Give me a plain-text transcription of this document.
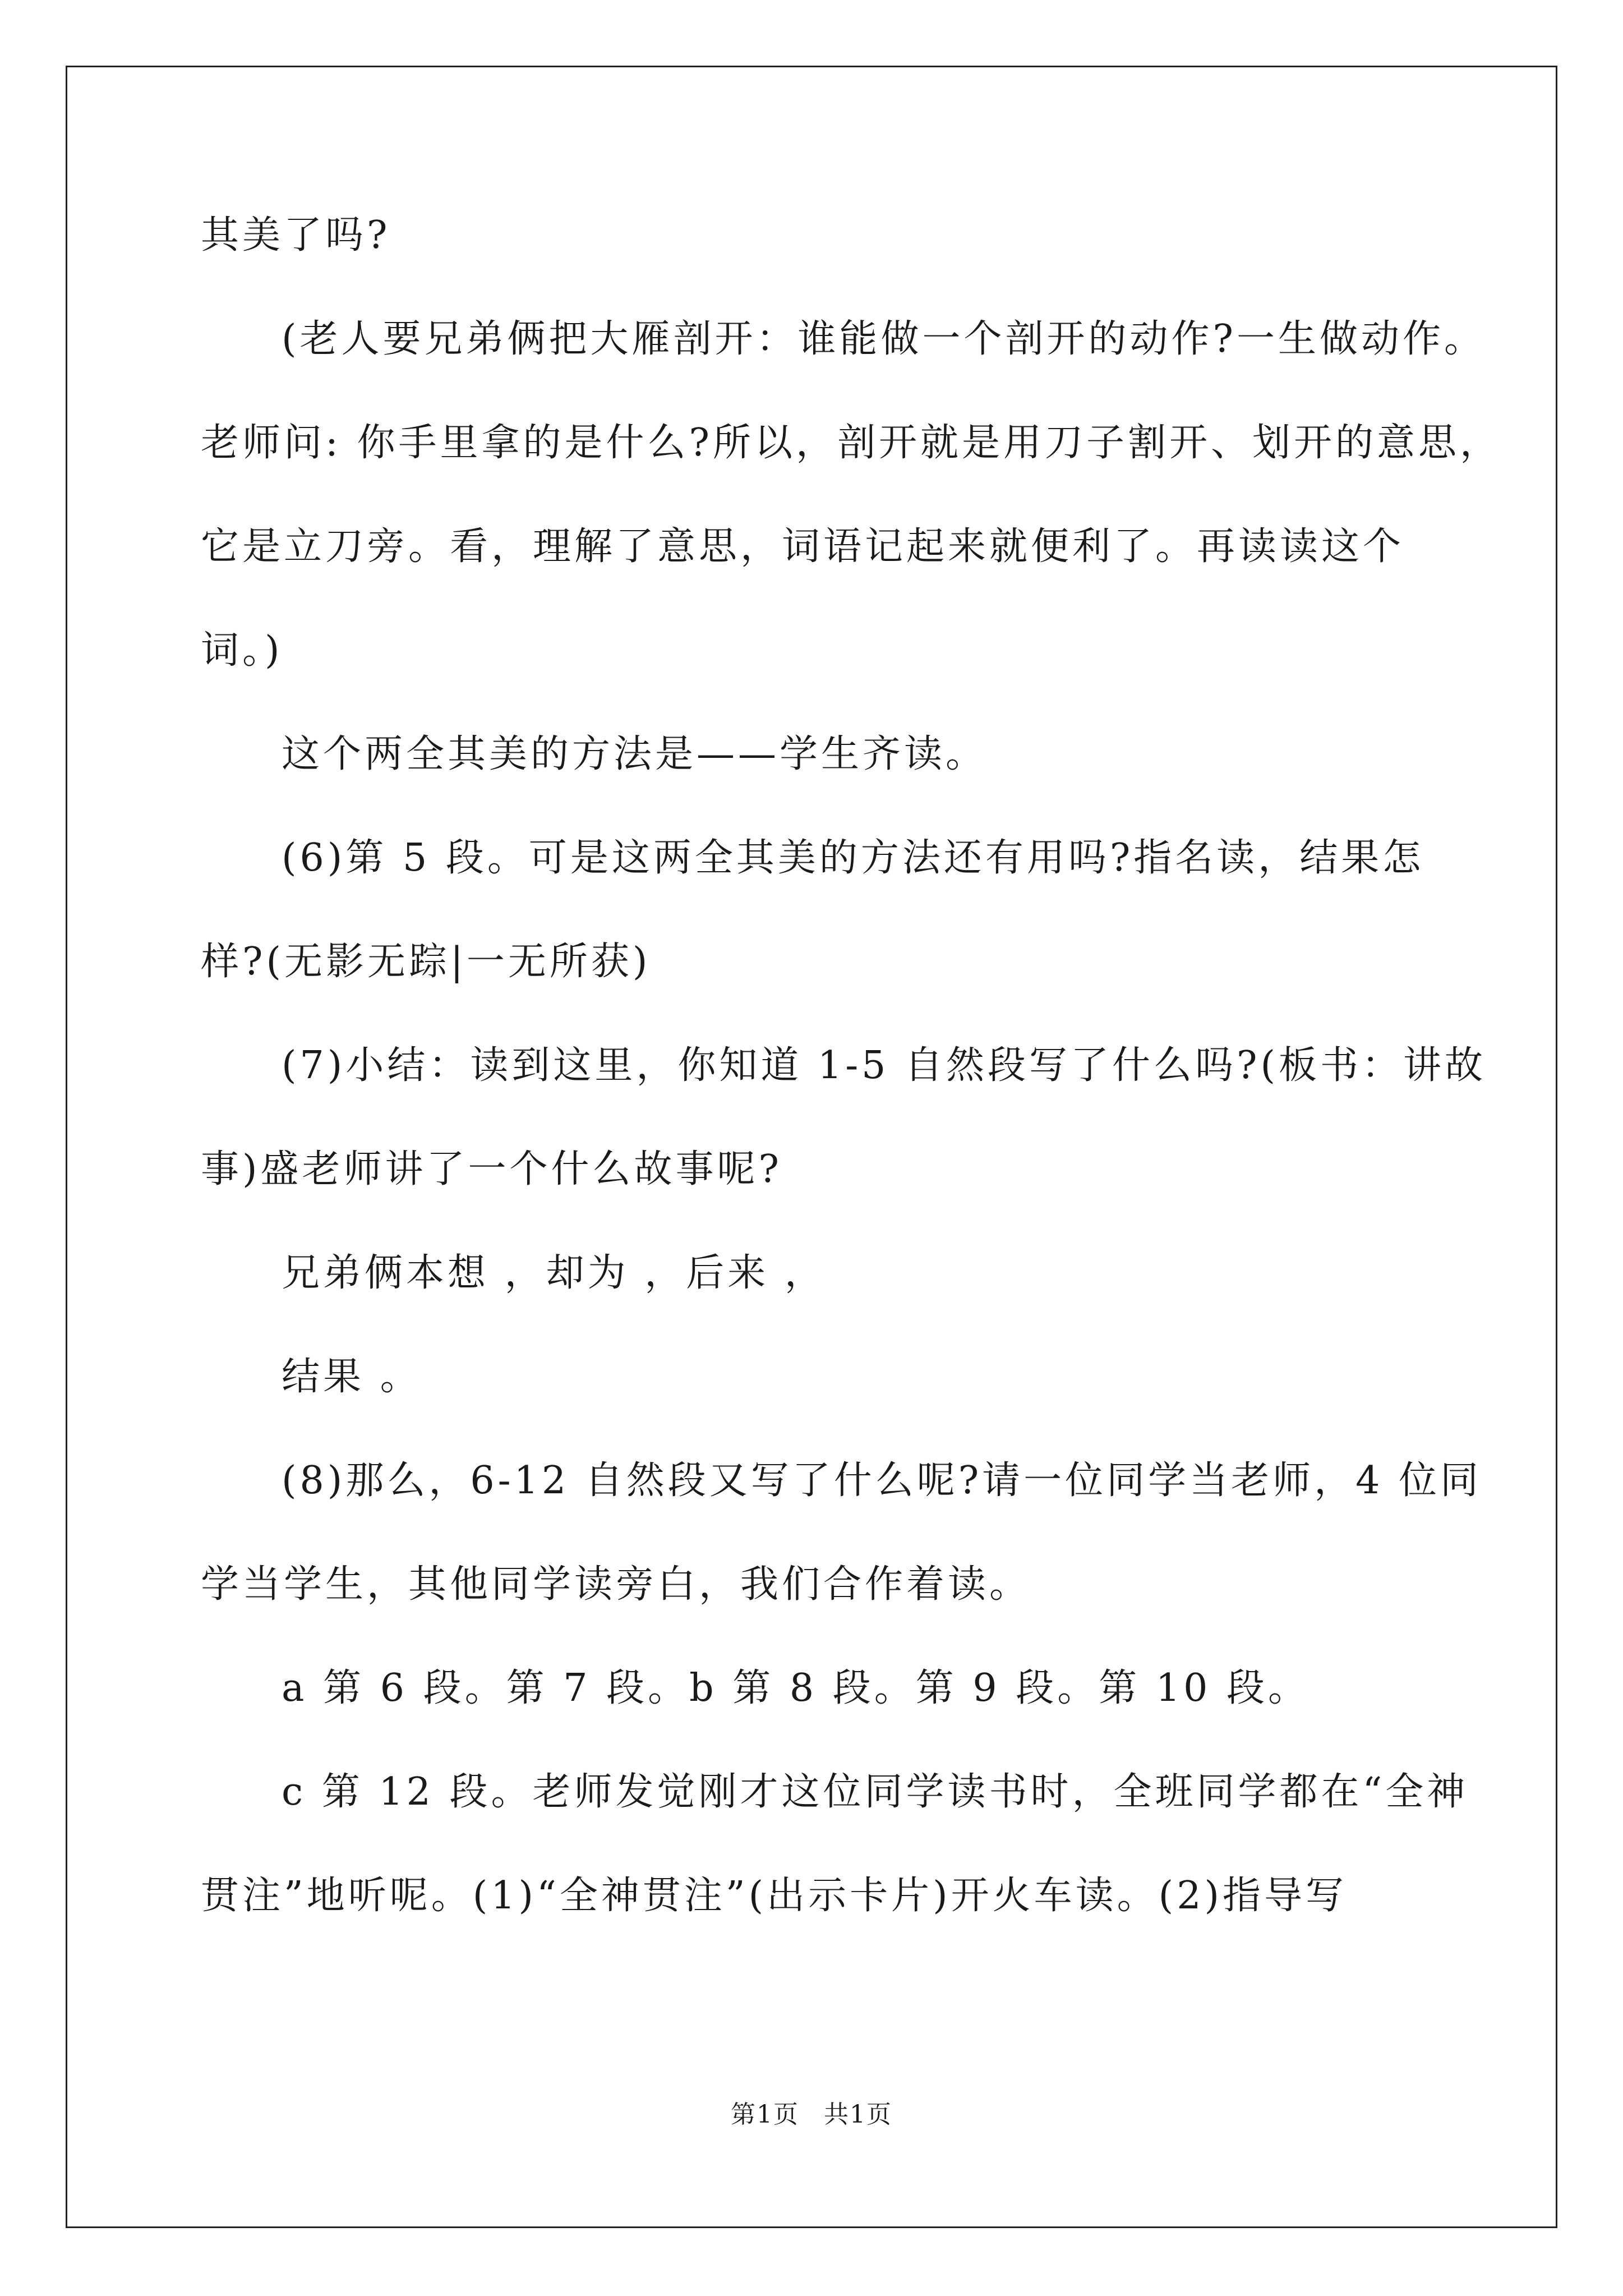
其美了吗?
(老人要兄弟俩把大雁剖开：谁能做一个剖开的动作?一生做动作。
老师问: 你手里拿的是什么?所以，剖开就是用刀子割开、划开的意思，
它是立刀旁。看，理解了意思，词语记起来就便利了。再读读这个
词。)
这个两全其美的方法是——学生齐读。
(6)第 5 段。可是这两全其美的方法还有用吗?指名读，结果怎
样?(无影无踪|一无所获)
(7)小结：读到这里，你知道 1-5 自然段写了什么吗?(板书：讲故
事)盛老师讲了一个什么故事呢?
兄弟俩本想 ，却为 ，后来 ，
结果 。
(8)那么，6-12 自然段又写了什么呢?请一位同学当老师，4 位同
学当学生，其他同学读旁白，我们合作着读。
a 第 6 段。第 7 段。b 第 8 段。第 9 段。第 10 段。
c 第 12 段。老师发觉刚才这位同学读书时，全班同学都在“全神
贯注”地听呢。(1)“全神贯注”(出示卡片)开火车读。(2)指导写
第1页 共1页
